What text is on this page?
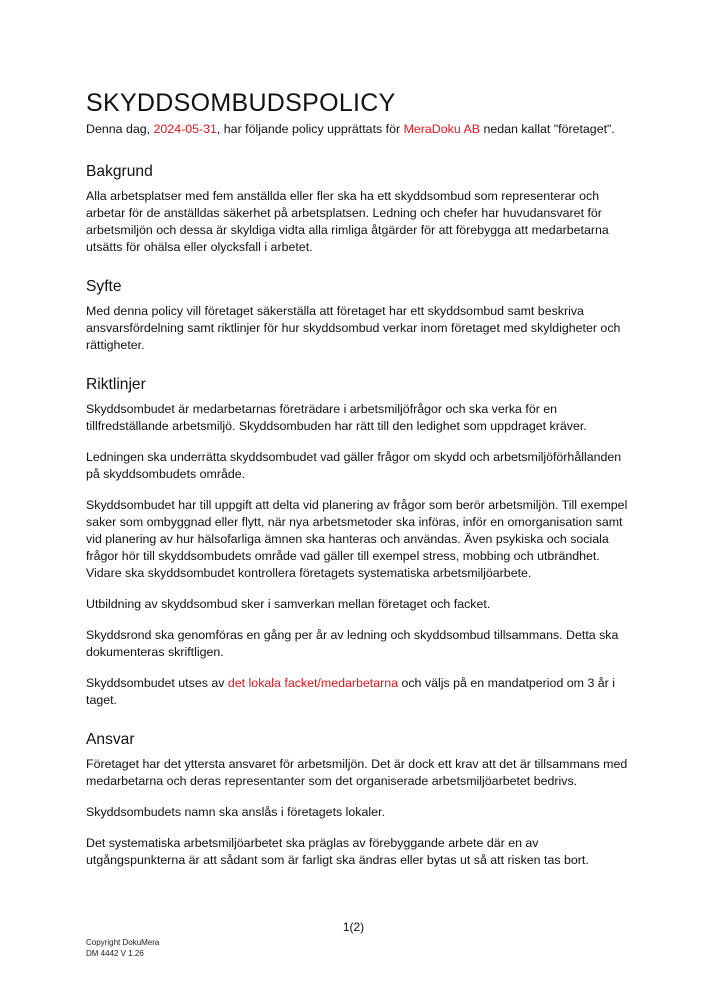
SKYDDSOMBUDSPOLICY

Denna dag, 2024-05-31, har följande policy upprättats för MeraDoku AB nedan kallat "företaget".

Bakgrund

Alla arbetsplatser med fem anställda eller fler ska ha ett skyddsombud som representerar och arbetar för de anställdas säkerhet på arbetsplatsen. Ledning och chefer har huvudansvaret för arbetsmiljön och dessa är skyldiga vidta alla rimliga åtgärder för att förebygga att medarbetarna utsätts för ohälsa eller olycksfall i arbetet.

Syfte

Med denna policy vill företaget säkerställa att företaget har ett skyddsombud samt beskriva ansvarsfördelning samt riktlinjer för hur skyddsombud verkar inom företaget med skyldigheter och rättigheter.

Riktlinjer

Skyddsombudet är medarbetarnas företrädare i arbetsmiljöfrågor och ska verka för en tillfredställande arbetsmiljö. Skyddsombuden har rätt till den ledighet som uppdraget kräver.

Ledningen ska underrätta skyddsombudet vad gäller frågor om skydd och arbetsmiljöförhållanden på skyddsombudets område.

Skyddsombudet har till uppgift att delta vid planering av frågor som berör arbetsmiljön. Till exempel saker som ombyggnad eller flytt, när nya arbetsmetoder ska införas, inför en omorganisation samt vid planering av hur hälsofarliga ämnen ska hanteras och användas. Även psykiska och sociala frågor hör till skyddsombudets område vad gäller till exempel stress, mobbing och utbrändhet. Vidare ska skyddsombudet kontrollera företagets systematiska arbetsmiljöarbete.

Utbildning av skyddsombud sker i samverkan mellan företaget och facket.

Skyddsrond ska genomföras en gång per år av ledning och skyddsombud tillsammans. Detta ska dokumenteras skriftligen.

Skyddsombudet utses av det lokala facket/medarbetarna och väljs på en mandatperiod om 3 år i taget.

Ansvar

Företaget har det yttersta ansvaret för arbetsmiljön. Det är dock ett krav att det är tillsammans med medarbetarna och deras representanter som det organiserade arbetsmiljöarbetet bedrivs.

Skyddsombudets namn ska anslås i företagets lokaler.

Det systematiska arbetsmiljöarbetet ska präglas av förebyggande arbete där en av utgångspunkterna är att sådant som är farligt ska ändras eller bytas ut så att risken tas bort.

1(2)
Copyright DokuMera
DM 4442 V 1.26
